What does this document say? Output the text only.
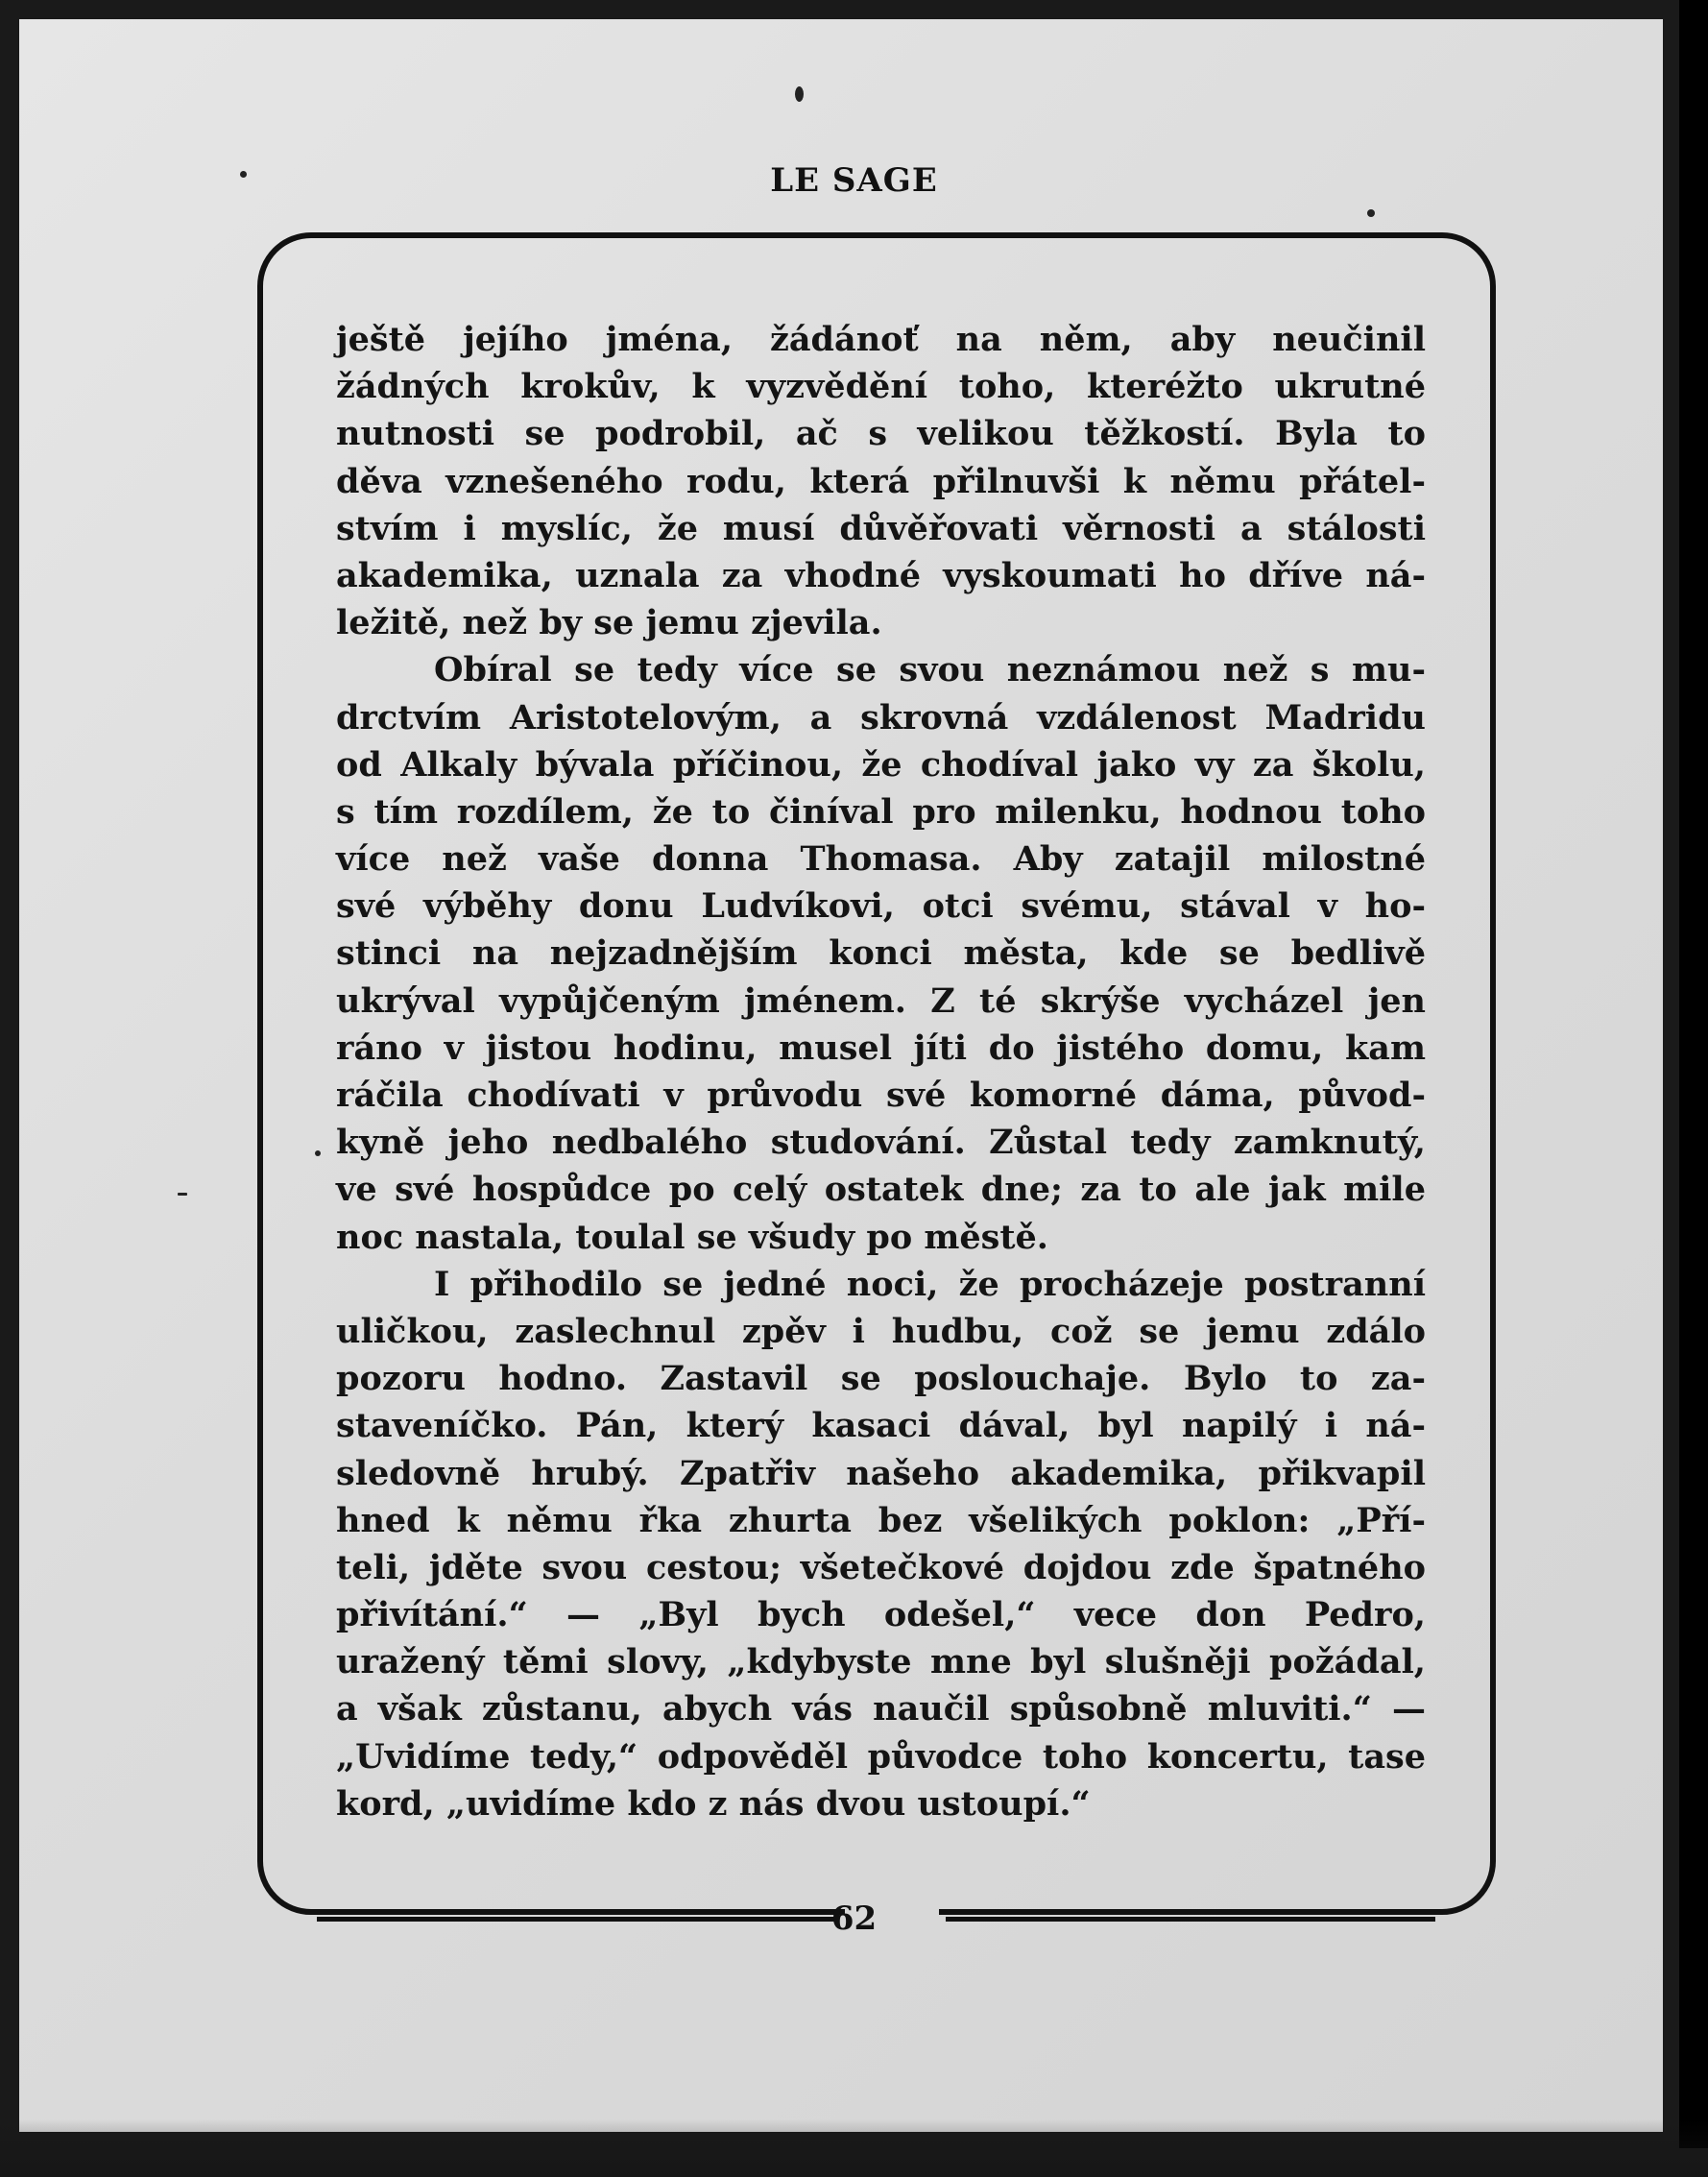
LE SAGE
ještě jejího jména, žádánoť na něm, aby neučinil
žádných krokův, k vyzvědění toho, kteréžto ukrutné
nutnosti se podrobil, ač s velikou těžkostí. Byla to
děva vznešeného rodu, která přilnuvši k němu přátel-
stvím i myslíc, že musí důvěřovati věrnosti a stálosti
akademika, uznala za vhodné vyskoumati ho dříve ná-
ležitě, než by se jemu zjevila.
Obíral se tedy více se svou neznámou než s mu-
drctvím Aristotelovým, a skrovná vzdálenost Madridu
od Alkaly bývala příčinou, že chodíval jako vy za školu,
s tím rozdílem, že to činíval pro milenku, hodnou toho
více než vaše donna Thomasa. Aby zatajil milostné
své výběhy donu Ludvíkovi, otci svému, stával v ho-
stinci na nejzadnějším konci města, kde se bedlivě
ukrýval vypůjčeným jménem. Z té skrýše vycházel jen
ráno v jistou hodinu, musel jíti do jistého domu, kam
ráčila chodívati v průvodu své komorné dáma, původ-
kyně jeho nedbalého studování. Zůstal tedy zamknutý,
ve své hospůdce po celý ostatek dne; za to ale jak mile
noc nastala, toulal se všudy po městě.
I přihodilo se jedné noci, že procházeje postranní
uličkou, zaslechnul zpěv i hudbu, což se jemu zdálo
pozoru hodno. Zastavil se poslouchaje. Bylo to za-
staveníčko. Pán, který kasaci dával, byl napilý i ná-
sledovně hrubý. Zpatřiv našeho akademika, přikvapil
hned k němu řka zhurta bez všelikých poklon: „Pří-
teli, jděte svou cestou; všetečkové dojdou zde špatného
přivítání.“ — „Byl bych odešel,“ vece don Pedro,
uražený těmi slovy, „kdybyste mne byl slušněji požádal,
a však zůstanu, abych vás naučil spůsobně mluviti.“ —
„Uvidíme tedy,“ odpověděl původce toho koncertu, tase
kord, „uvidíme kdo z nás dvou ustoupí.“
62
